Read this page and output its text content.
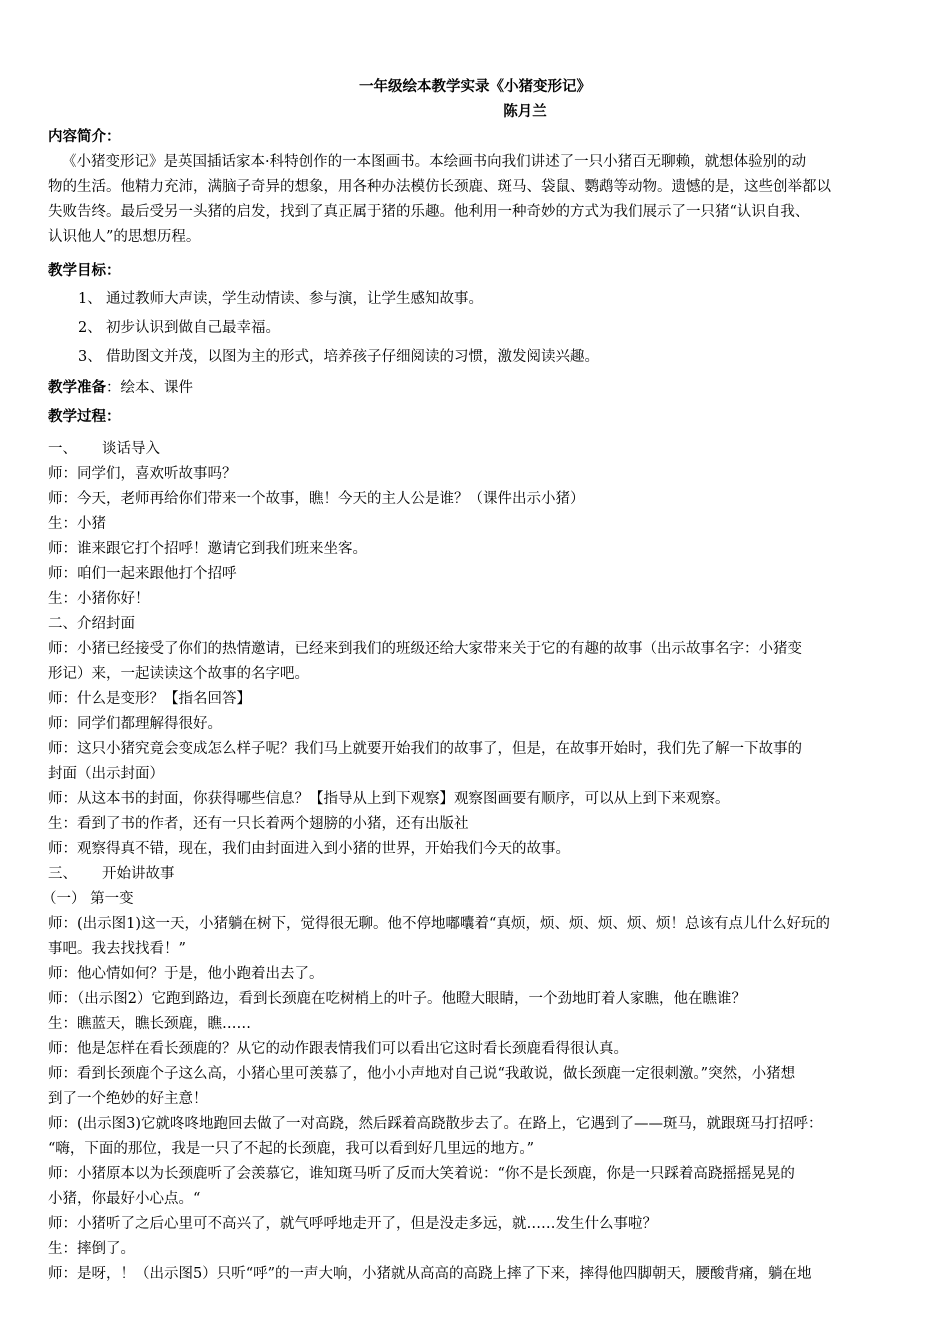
一年级绘本教学实录《小猪变形记》
陈月兰
内容简介：
《小猪变形记》是英国插话家本·科特创作的一本图画书。本绘画书向我们讲述了一只小猪百无聊赖，就想体验别的动
物的生活。他精力充沛，满脑子奇异的想象，用各种办法模仿长颈鹿、斑马、袋鼠、鹦鹉等动物。遗憾的是，这些创举都以
失败告终。最后受另一头猪的启发，找到了真正属于猪的乐趣。他利用一种奇妙的方式为我们展示了一只猪“认识自我、
认识他人”的思想历程。
教学目标：
1、 通过教师大声读，学生动情读、参与演，让学生感知故事。
2、 初步认识到做自己最幸福。
3、 借助图文并茂，以图为主的形式，培养孩子仔细阅读的习惯，激发阅读兴趣。
教学准备：绘本、课件
教学过程：
一、 谈话导入
师：同学们，喜欢听故事吗？
师：今天，老师再给你们带来一个故事，瞧！今天的主人公是谁？（课件出示小猪）
生：小猪
师：谁来跟它打个招呼！邀请它到我们班来坐客。
师：咱们一起来跟他打个招呼
生：小猪你好！
二、介绍封面
师：小猪已经接受了你们的热情邀请，已经来到我们的班级还给大家带来关于它的有趣的故事（出示故事名字：小猪变
形记）来，一起读读这个故事的名字吧。
师：什么是变形？【指名回答】
师：同学们都理解得很好。
师：这只小猪究竟会变成怎么样子呢？我们马上就要开始我们的故事了，但是，在故事开始时，我们先了解一下故事的
封面（出示封面）
师：从这本书的封面，你获得哪些信息？【指导从上到下观察】观察图画要有顺序，可以从上到下来观察。
生：看到了书的作者，还有一只长着两个翅膀的小猪，还有出版社
师：观察得真不错，现在，我们由封面进入到小猪的世界，开始我们今天的故事。
三、 开始讲故事
（一） 第一变
师：(出示图1)这一天，小猪躺在树下，觉得很无聊。他不停地嘟囔着“真烦，烦、烦、烦、烦、烦！总该有点儿什么好玩的
事吧。我去找找看！”
师：他心情如何？于是，他小跑着出去了。
师：（出示图2）它跑到路边，看到长颈鹿在吃树梢上的叶子。他瞪大眼睛，一个劲地盯着人家瞧，他在瞧谁？
生：瞧蓝天，瞧长颈鹿，瞧……
师：他是怎样在看长颈鹿的？从它的动作跟表情我们可以看出它这时看长颈鹿看得很认真。
师：看到长颈鹿个子这么高，小猪心里可羡慕了，他小小声地对自己说“我敢说，做长颈鹿一定很刺激。”突然，小猪想
到了一个绝妙的好主意！
师：(出示图3)它就咚咚地跑回去做了一对高跷，然后踩着高跷散步去了。在路上，它遇到了——斑马，就跟斑马打招呼：
“嗨，下面的那位，我是一只了不起的长颈鹿，我可以看到好几里远的地方。”
师：小猪原本以为长颈鹿听了会羡慕它，谁知斑马听了反而大笑着说：“你不是长颈鹿，你是一只踩着高跷摇摇晃晃的
小猪，你最好小心点。“
师：小猪听了之后心里可不高兴了，就气呼呼地走开了，但是没走多远，就……发生什么事啦？
生：摔倒了。
师：是呀，！（出示图5）只听“呼”的一声大响，小猪就从高高的高跷上摔了下来，摔得他四脚朝天，腰酸背痛，躺在地
